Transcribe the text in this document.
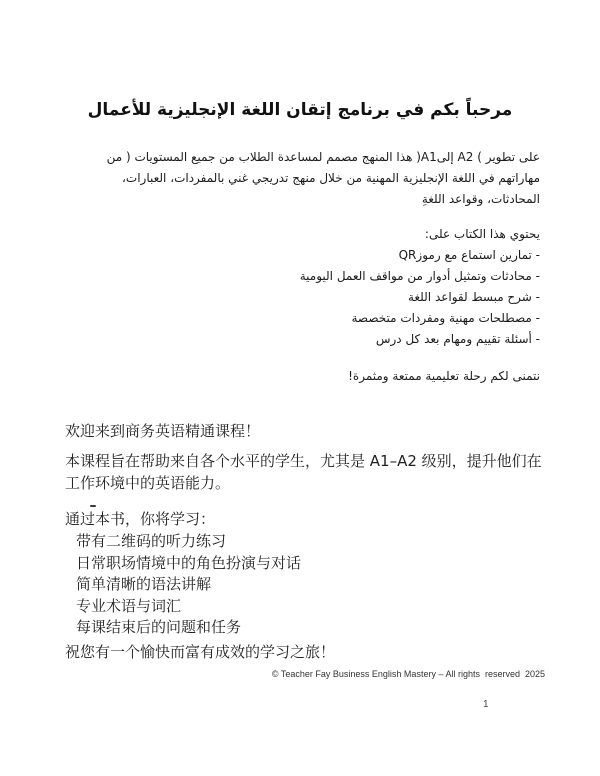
مرحباً بكم في برنامج إتقان اللغة الإنجليزية للأعمال
على تطوير ) A2 إلىA1( هذا المنهج مصمم لمساعدة الطلاب من جميع المستويات ( من
مهاراتهم في اللغة الإنجليزية المهنية من خلال منهج تدريجي غني بالمفردات، العبارات،
المحادثات، وقواعد اللغةِ
يحتوي هذا الكتاب على:
- تمارين استماع مع رموزQR
- محادثات وتمثيل أدوار من مواقف العمل اليومية
- شرح مبسط لقواعد اللغة
- مصطلحات مهنية ومفردات متخصصة
- أسئلة تقييم ومهام بعد كل درس
نتمنى لكم رحلة تعليمية ممتعة ومثمرة!
欢迎来到商务英语精通课程！
本课程旨在帮助来自各个水平的学生，尤其是 A1–A2 级别，提升他们在
工作环境中的英语能力。
通过本书，你将学习：
带有二维码的听力练习
日常职场情境中的角色扮演与对话
简单清晰的语法讲解
专业术语与词汇
每课结束后的问题和任务
祝您有一个愉快而富有成效的学习之旅！
© Teacher Fay Business English Mastery – All rights  reserved  2025
1
